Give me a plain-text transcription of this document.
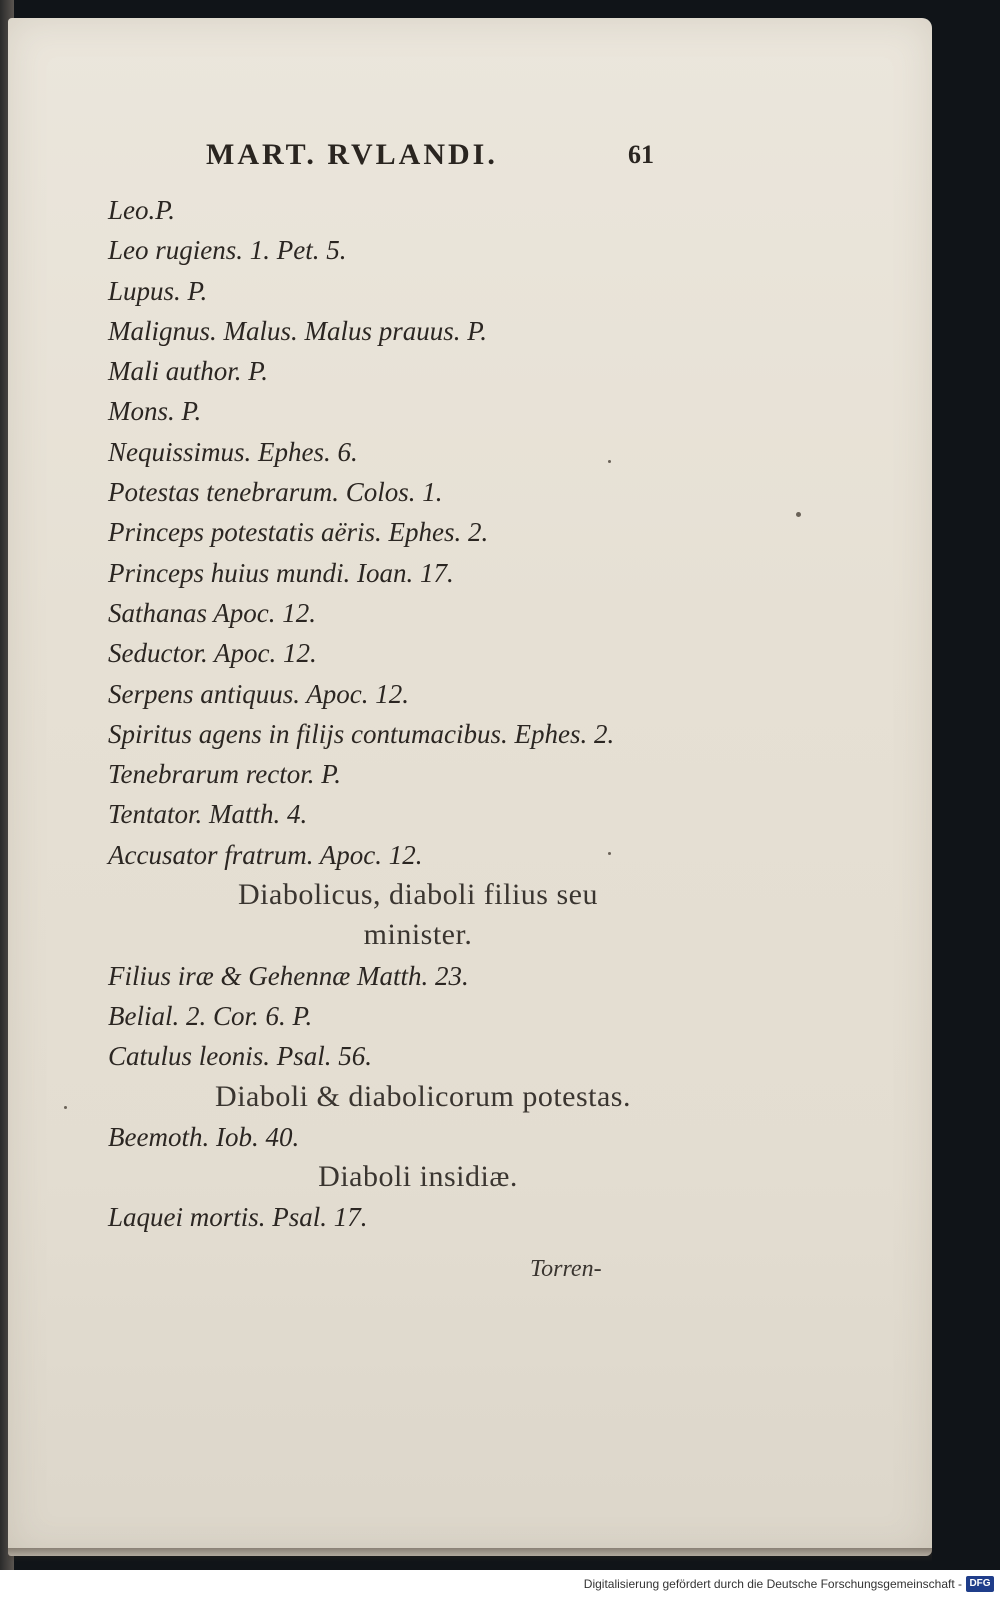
MART. RVLANDI.	61
Leo.P.
Leo rugiens. 1. Pet. 5.
Lupus. P.
Malignus. Malus. Malus prauus. P.
Mali author. P.
Mons. P.
Nequissimus. Ephes. 6.
Potestas tenebrarum. Colos. 1.
Princeps potestatis aëris. Ephes. 2.
Princeps huius mundi. Ioan. 17.
Sathanas Apoc. 12.
Seductor. Apoc. 12.
Serpens antiquus. Apoc. 12.
Spiritus agens in filijs contumacibus. Ephes. 2.
Tenebrarum rector. P.
Tentator. Matth. 4.
Accusator fratrum. Apoc. 12.
Diabolicus, diaboli filius seu
minister.
Filius iræ & Gehennæ Matth. 23.
Belial. 2. Cor. 6. P.
Catulus leonis. Psal. 56.
Diaboli & diabolicorum potestas.
Beemoth. Iob. 40.
Diaboli insidiæ.
Laquei mortis. Psal. 17.
Torren-
Digitalisierung gefördert durch die Deutsche Forschungsgemeinschaft - DFG
